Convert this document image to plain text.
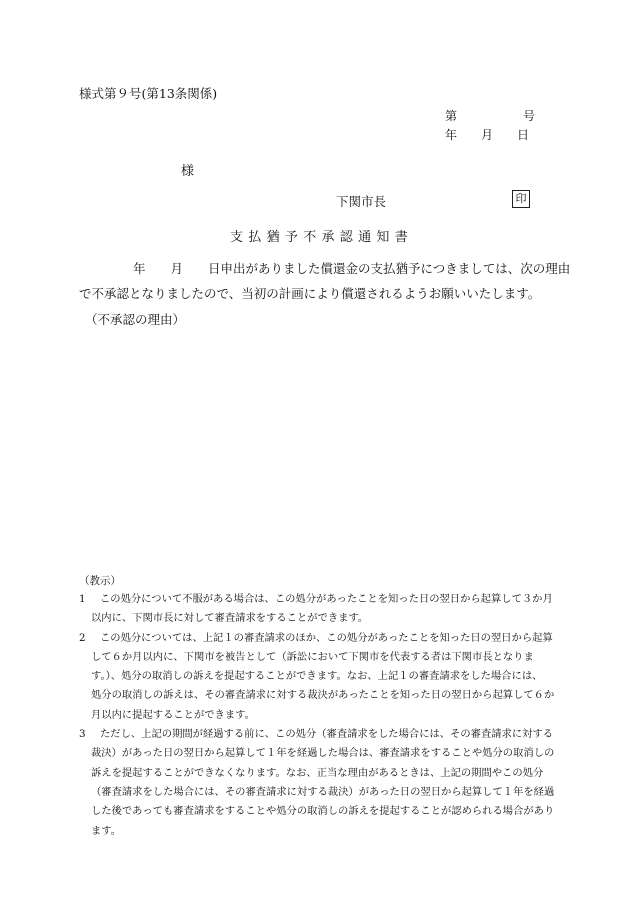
様式第９号(第13条関係)
第	号
年 月 日
様
下関市長	印
支払猶予不承認通知書

年　　月　　日申出がありました償還金の支払猶予につきましては、次の理由

で不承認となりましたので、当初の計画により償還されるようお願いいたします。

（不承認の理由）
（教示）
1	この処分について不服がある場合は、この処分があったことを知った日の翌日から起算して３か月
以内に、下関市長に対して審査請求をすることができます。
2	この処分については、上記１の審査請求のほか、この処分があったことを知った日の翌日から起算
して６か月以内に、下関市を被告として（訴訟において下関市を代表する者は下関市長となりま
す。）、処分の取消しの訴えを提起することができます。なお、上記１の審査請求をした場合には、
処分の取消しの訴えは、その審査請求に対する裁決があったことを知った日の翌日から起算して６か
月以内に提起することができます。
3	ただし、上記の期間が経過する前に、この処分（審査請求をした場合には、その審査請求に対する
裁決）があった日の翌日から起算して１年を経過した場合は、審査請求をすることや処分の取消しの
訴えを提起することができなくなります。なお、正当な理由があるときは、上記の期間やこの処分
（審査請求をした場合には、その審査請求に対する裁決）があった日の翌日から起算して１年を経過
した後であっても審査請求をすることや処分の取消しの訴えを提起することが認められる場合があり
ます。
